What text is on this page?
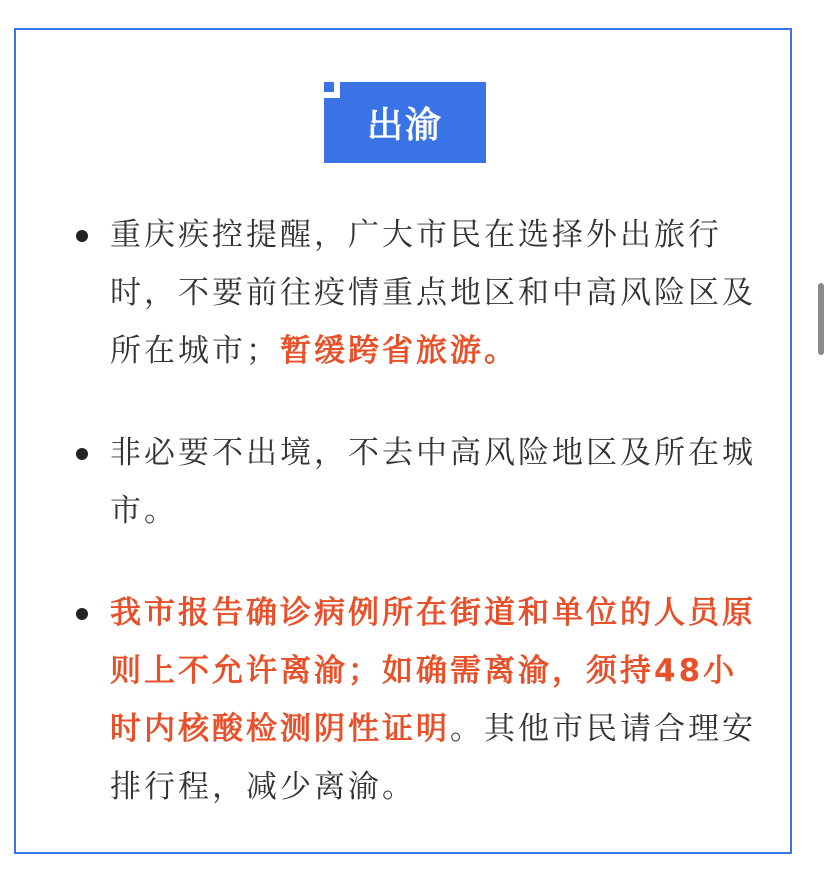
出渝
重庆疾控提醒，广大市民在选择外出旅行时，不要前往疫情重点地区和中高风险区及所在城市；暂缓跨省旅游。
非必要不出境，不去中高风险地区及所在城市。
我市报告确诊病例所在街道和单位的人员原则上不允许离渝；如确需离渝，须持48小时内核酸检测阴性证明。其他市民请合理安排行程，减少离渝。
